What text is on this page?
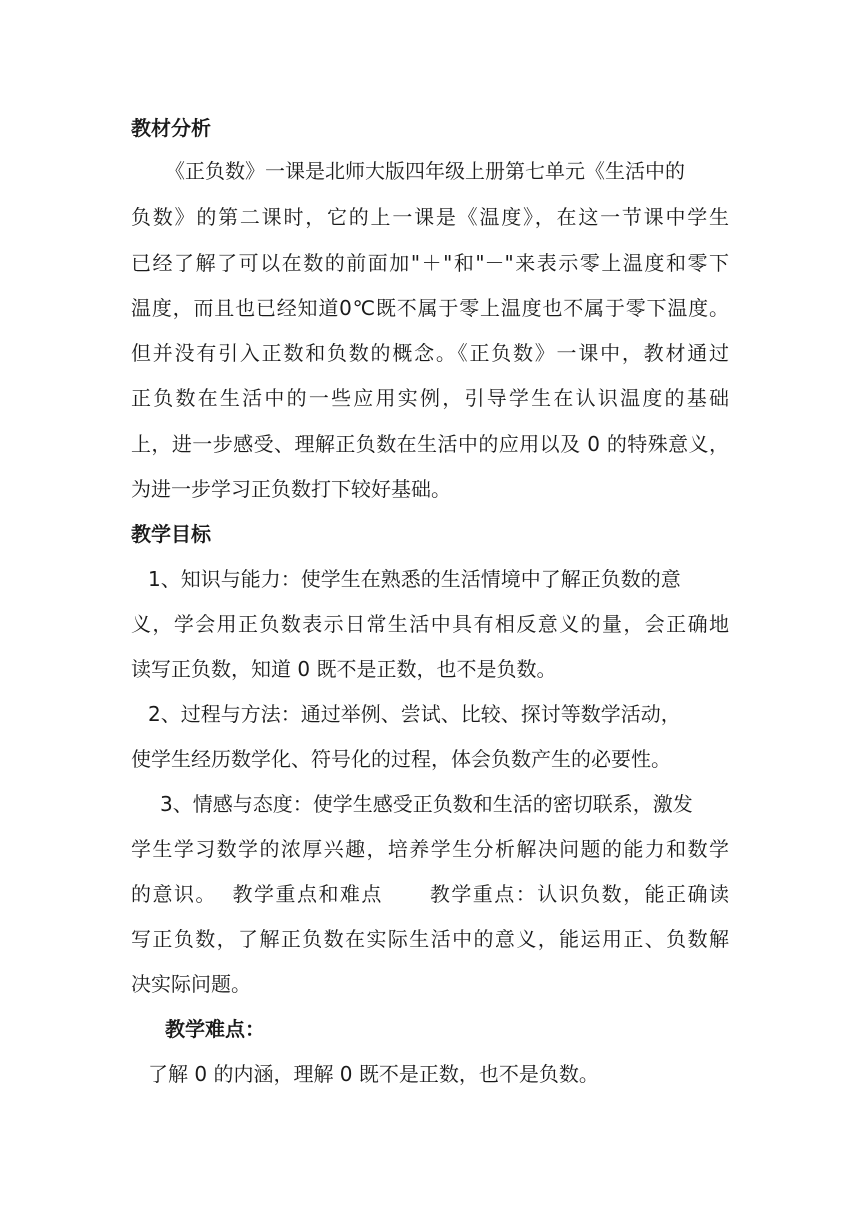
教材分析
《正负数》一课是北师大版四年级上册第七单元《生活中的
负数》的第二课时，它的上一课是《温度》，在这一节课中学生
已经了解了可以在数的前面加"＋"和"－"来表示零上温度和零下
温度，而且也已经知道0℃既不属于零上温度也不属于零下温度。
但并没有引入正数和负数的概念。《正负数》一课中，教材通过
正负数在生活中的一些应用实例，引导学生在认识温度的基础
上，进一步感受、理解正负数在生活中的应用以及 0 的特殊意义，
为进一步学习正负数打下较好基础。
教学目标
1、知识与能力：使学生在熟悉的生活情境中了解正负数的意
义，学会用正负数表示日常生活中具有相反意义的量，会正确地
读写正负数，知道 0 既不是正数，也不是负数。
2、过程与方法：通过举例、尝试、比较、探讨等数学活动，
使学生经历数学化、符号化的过程，体会负数产生的必要性。
3、情感与态度：使学生感受正负数和生活的密切联系，激发
学生学习数学的浓厚兴趣，培养学生分析解决问题的能力和数学
的意识。  教学重点和难点      教学重点：认识负数，能正确读
写正负数，了解正负数在实际生活中的意义，能运用正、负数解
决实际问题。
教学难点：
了解 0 的内涵，理解 0 既不是正数，也不是负数。
